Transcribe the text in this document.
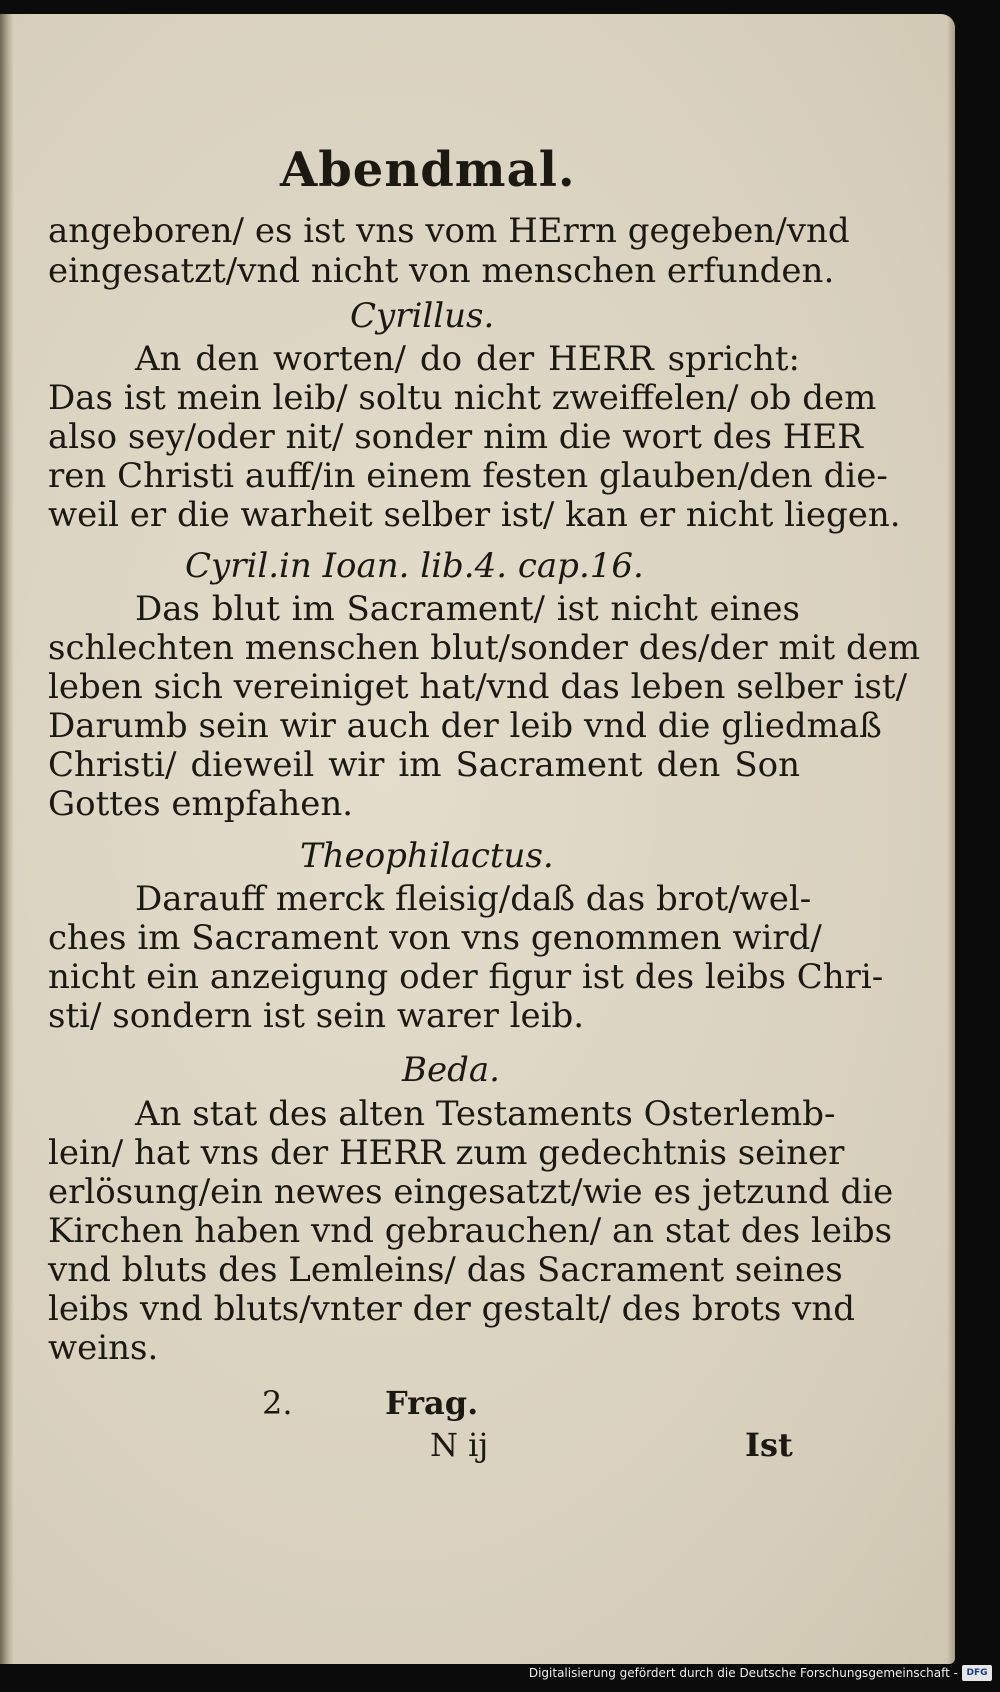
Abendmal.
angeboren/ es ist vns vom HErrn gegeben/vnd
eingesatzt/vnd nicht von menschen erfunden.
Cyrillus.
An den worten/ do der HERR spricht:
Das ist mein leib/ soltu nicht zweiffelen/ ob dem
also sey/oder nit/ sonder nim die wort des HER
ren Christi auff/in einem festen glauben/den die-
weil er die warheit selber ist/ kan er nicht liegen.
Cyril.in Ioan. lib.4. cap.16.
Das blut im Sacrament/ ist nicht eines
schlechten menschen blut/sonder des/der mit dem
leben sich vereiniget hat/vnd das leben selber ist/
Darumb sein wir auch der leib vnd die gliedmaß
Christi/ dieweil wir im Sacrament den Son
Gottes empfahen.
Theophilactus.
Darauff merck fleisig/daß das brot/wel-
ches im Sacrament von vns genommen wird/
nicht ein anzeigung oder figur ist des leibs Chri-
sti/ sondern ist sein warer leib.
Beda.
An stat des alten Testaments Osterlemb-
lein/ hat vns der HERR zum gedechtnis seiner
erlösung/ein newes eingesatzt/wie es jetzund die
Kirchen haben vnd gebrauchen/ an stat des leibs
vnd bluts des Lemleins/ das Sacrament seines
leibs vnd bluts/vnter der gestalt/ des brots vnd
weins.
2.	Frag.
N ij	Ist
Digitalisierung gefördert durch die Deutsche Forschungsgemeinschaft - DFG
